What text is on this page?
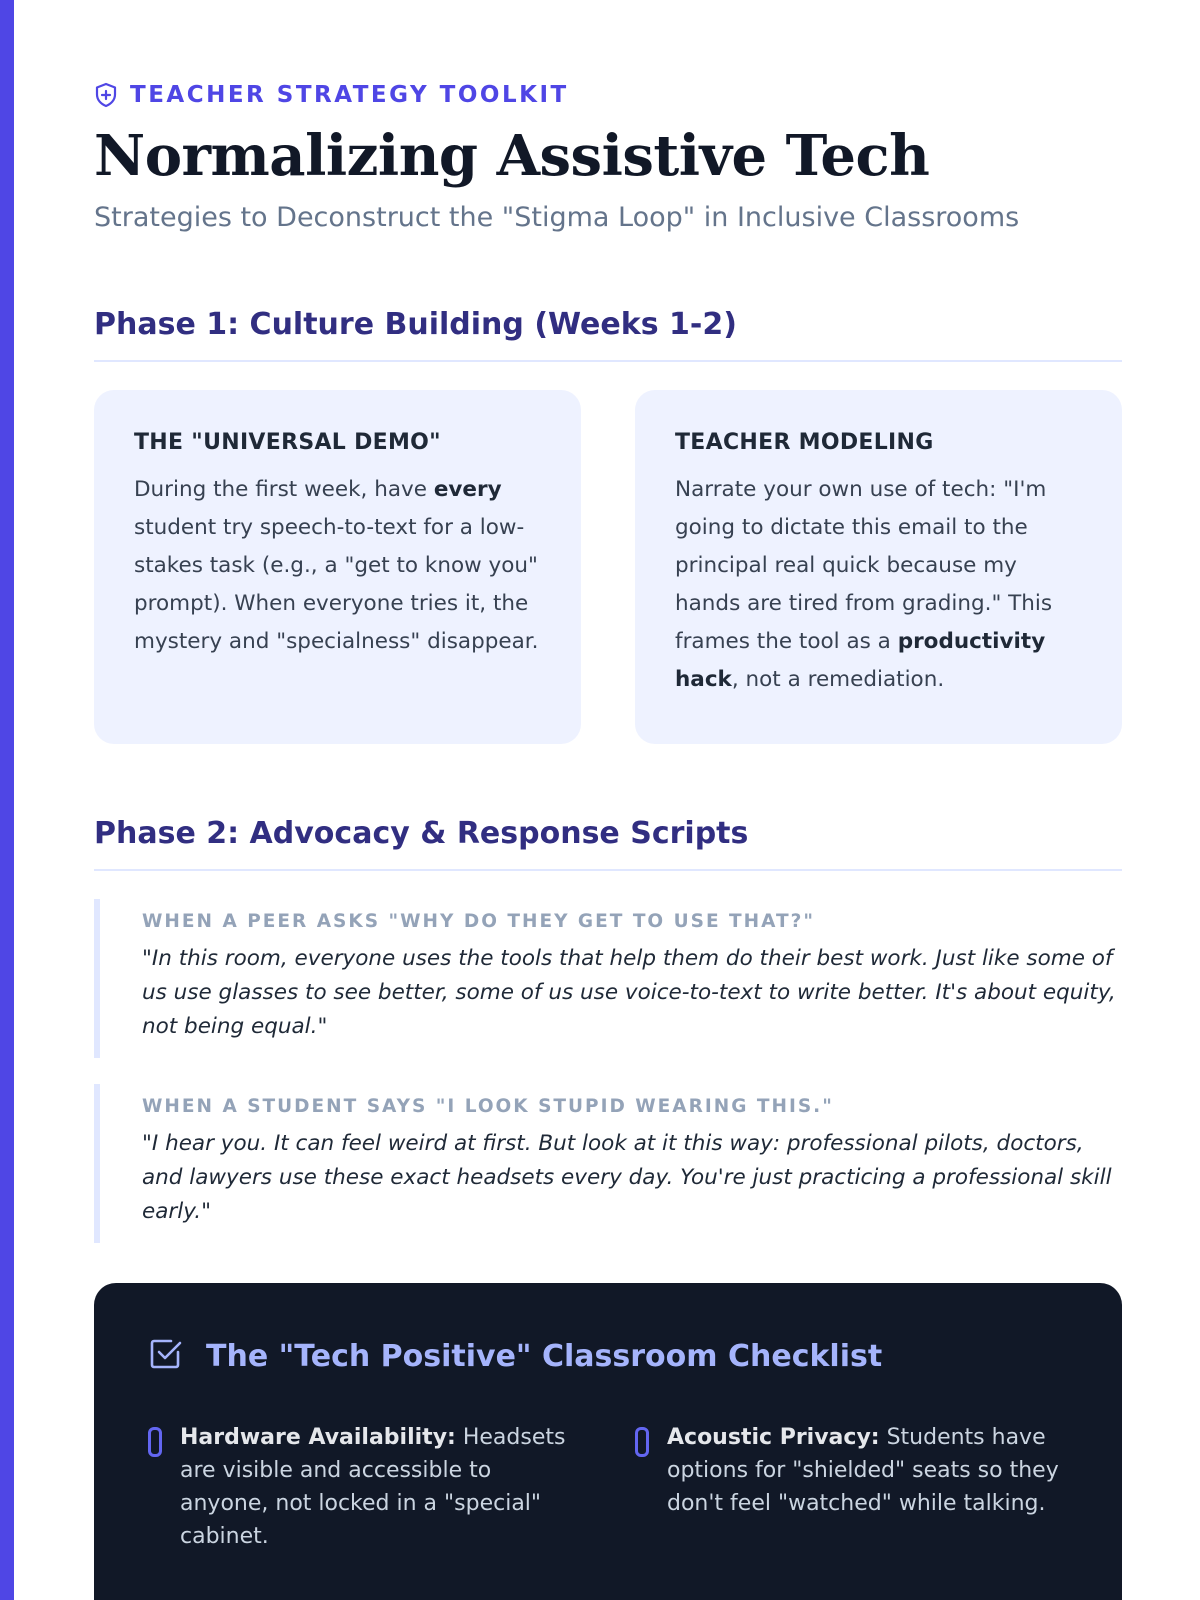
TEACHER STRATEGY TOOLKIT
Normalizing Assistive Tech
Strategies to Deconstruct the "Stigma Loop" in Inclusive Classrooms
Phase 1: Culture Building (Weeks 1-2)
THE "UNIVERSAL DEMO"
During the first week, have every student try speech-to-text for a low-stakes task (e.g., a "get to know you" prompt). When everyone tries it, the mystery and "specialness" disappear.
TEACHER MODELING
Narrate your own use of tech: "I'm going to dictate this email to the principal real quick because my hands are tired from grading." This frames the tool as a productivity hack, not a remediation.
Phase 2: Advocacy & Response Scripts
WHEN A PEER ASKS "WHY DO THEY GET TO USE THAT?"
"In this room, everyone uses the tools that help them do their best work. Just like some of us use glasses to see better, some of us use voice-to-text to write better. It's about equity, not being equal."
WHEN A STUDENT SAYS "I LOOK STUPID WEARING THIS."
"I hear you. It can feel weird at first. But look at it this way: professional pilots, doctors, and lawyers use these exact headsets every day. You're just practicing a professional skill early."
The "Tech Positive" Classroom Checklist
Hardware Availability: Headsets are visible and accessible to anyone, not locked in a "special" cabinet.
Acoustic Privacy: Students have options for "shielded" seats so they don't feel "watched" while talking.
